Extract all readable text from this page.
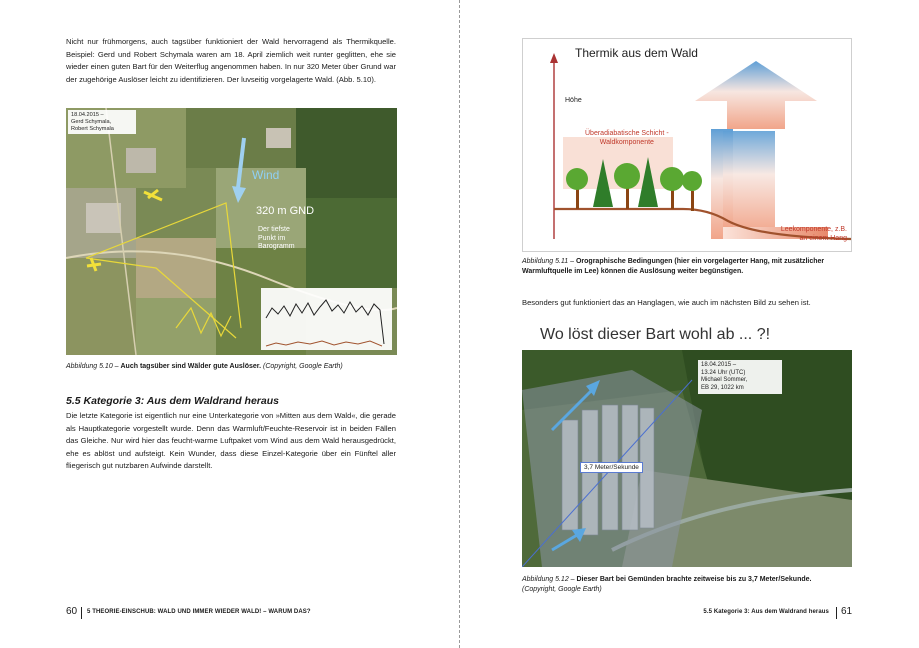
Nicht nur frühmorgens, auch tagsüber funktioniert der Wald hervorragend als Thermikquelle. Beispiel: Gerd und Robert Schymala waren am 18. April ziemlich weit runter geglitten, ehe sie wieder einen guten Bart für den Weiterflug angenommen haben. In nur 320 Meter über Grund war der zugehörige Auslöser leicht zu identifizieren. Der luvseitig vorgelagerte Wald. (Abb. 5.10).
18.04.2015 –
Gerd Schymala,
Robert Schymala
Wind
320 m GND
Der tiefste
Punkt im
Barogramm
Abbildung 5.10 – Auch tagsüber sind Wälder gute Auslöser. (Copyright, Google Earth)
5.5 Kategorie 3: Aus dem Waldrand heraus
Die letzte Kategorie ist eigentlich nur eine Unterkategorie von »Mitten aus dem Wald«, die gerade als Hauptkategorie vorgestellt wurde. Denn das Warmluft/Feuchte-Reservoir ist in beiden Fällen das Gleiche. Nur wird hier das feucht-warme Luftpaket vom Wind aus dem Wald herausgedrückt, ehe es ablöst und aufsteigt. Kein Wunder, dass diese Einzel-Kategorie über ein Fünftel aller fliegerisch gut nutzbaren Aufwinde darstellt.
60 5 THEORIE-EINSCHUB: WALD UND IMMER WIEDER WALD! – WARUM DAS?
Thermik aus dem Wald
Höhe
Überadiabatische Schicht -
Waldkomponente
Leekomponente, z.B.
an einem Hang
Abbildung 5.11 – Orographische Bedingungen (hier ein vorgelagerter Hang, mit zusätzlicher Warmluftquelle im Lee) können die Auslösung weiter begünstigen.
Besonders gut funktioniert das an Hanglagen, wie auch im nächsten Bild zu sehen ist.
Wo löst dieser Bart wohl ab ... ?!
18.04.2015 –
13.24 Uhr (UTC)
Michael Sommer,
EB 29, 1022 km
3,7 Meter/Sekunde
Abbildung 5.12 – Dieser Bart bei Gemünden brachte zeitweise bis zu 3,7 Meter/Sekunde.
(Copyright, Google Earth)
5.5 Kategorie 3: Aus dem Waldrand heraus 61
